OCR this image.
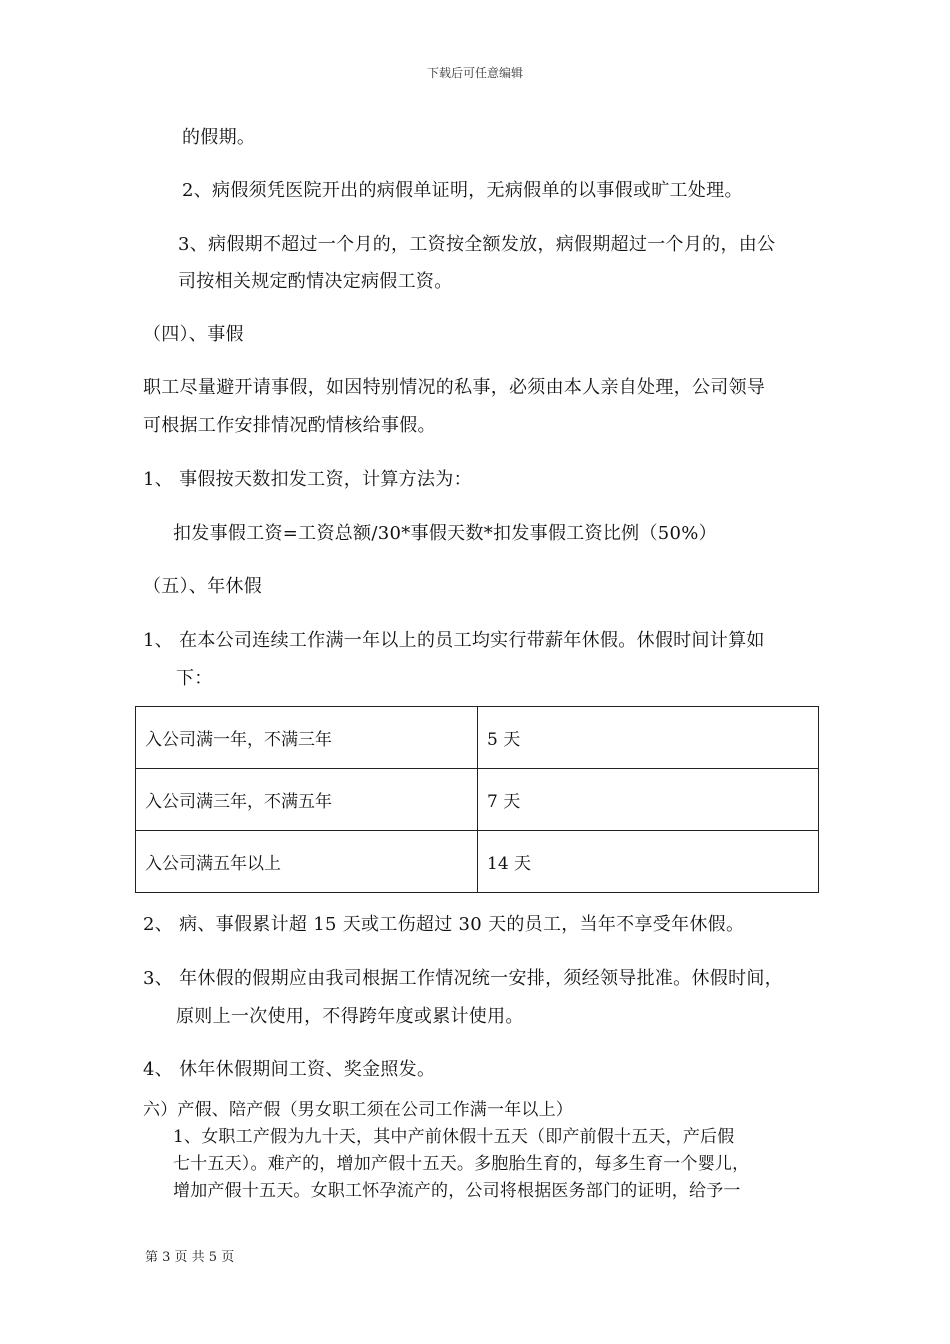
下载后可任意编辑
的假期。
2、病假须凭医院开出的病假单证明，无病假单的以事假或旷工处理。
3、病假期不超过一个月的，工资按全额发放，病假期超过一个月的，由公
司按相关规定酌情决定病假工资。
（四）、事假
职工尽量避开请事假，如因特别情况的私事，必须由本人亲自处理，公司领导
可根据工作安排情况酌情核给事假。
1、 事假按天数扣发工资，计算方法为：
扣发事假工资=工资总额/30*事假天数*扣发事假工资比例（50%）
（五）、年休假
1、 在本公司连续工作满一年以上的员工均实行带薪年休假。休假时间计算如
下：
入公司满一年，不满三年	5 天
入公司满三年，不满五年	7 天
入公司满五年以上	14 天
2、 病、事假累计超 15 天或工伤超过 30 天的员工，当年不享受年休假。
3、 年休假的假期应由我司根据工作情况统一安排，须经领导批准。休假时间，
原则上一次使用，不得跨年度或累计使用。
4、 休年休假期间工资、奖金照发。
六）产假、陪产假（男女职工须在公司工作满一年以上）
1、女职工产假为九十天，其中产前休假十五天（即产前假十五天，产后假
七十五天）。难产的，增加产假十五天。多胞胎生育的，每多生育一个婴儿，
增加产假十五天。女职工怀孕流产的，公司将根据医务部门的证明，给予一
第 3 页 共 5 页
